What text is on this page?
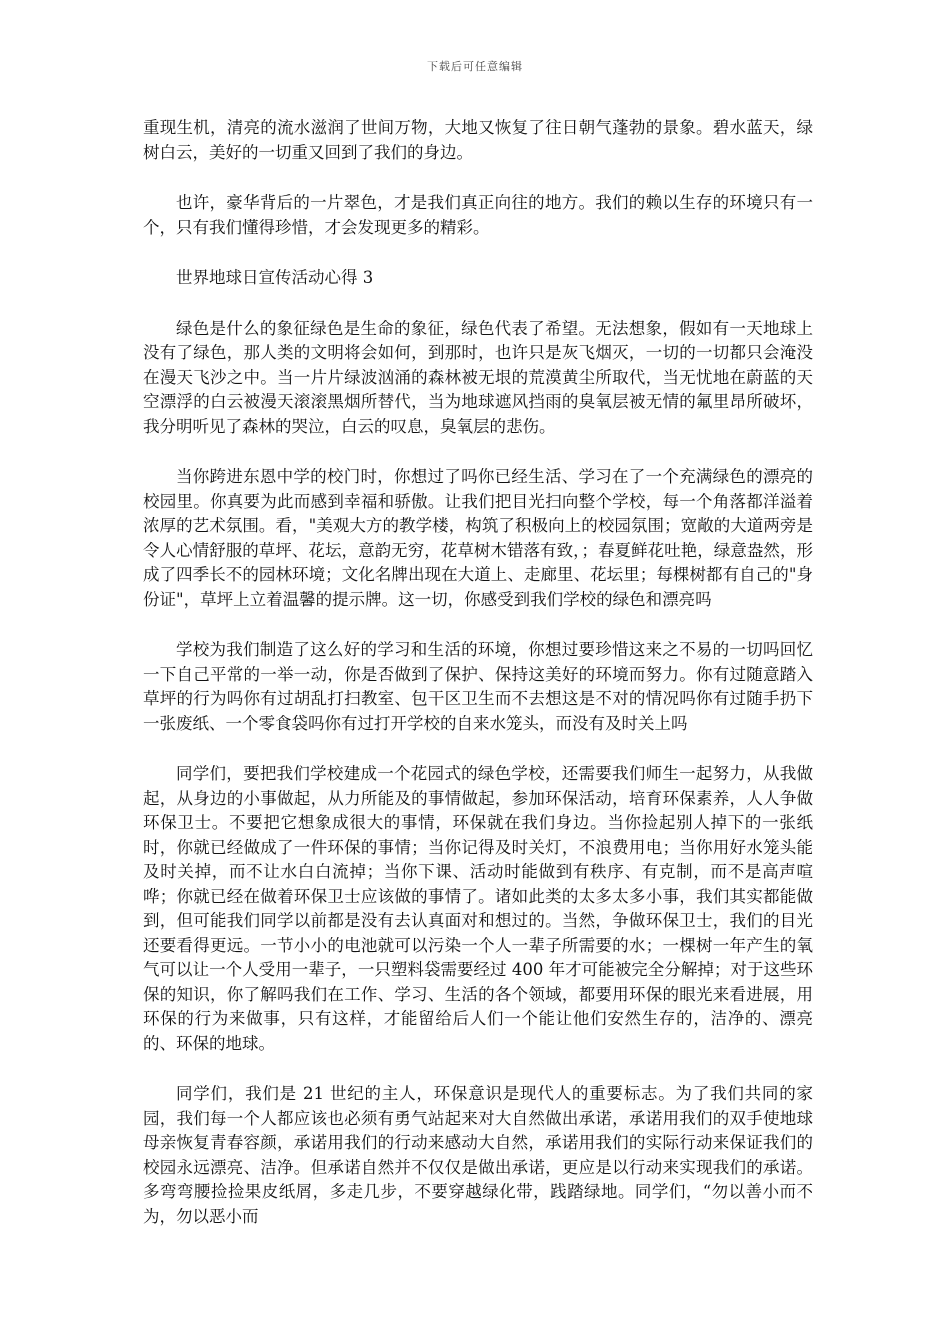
下载后可任意编辑

重现生机，清亮的流水滋润了世间万物，大地又恢复了往日朝气蓬勃的景象。碧水蓝天，绿树白云，美好的一切重又回到了我们的身边。

也许，豪华背后的一片翠色，才是我们真正向往的地方。我们的赖以生存的环境只有一个，只有我们懂得珍惜，才会发现更多的精彩。

世界地球日宣传活动心得 3

绿色是什么的象征绿色是生命的象征，绿色代表了希望。无法想象，假如有一天地球上没有了绿色，那人类的文明将会如何，到那时，也许只是灰飞烟灭，一切的一切都只会淹没在漫天飞沙之中。当一片片绿波汹涌的森林被无垠的荒漠黄尘所取代，当无忧地在蔚蓝的天空漂浮的白云被漫天滚滚黑烟所替代，当为地球遮风挡雨的臭氧层被无情的氟里昂所破坏，我分明听见了森林的哭泣，白云的叹息，臭氧层的悲伤。

当你跨进东恩中学的校门时，你想过了吗你已经生活、学习在了一个充满绿色的漂亮的校园里。你真要为此而感到幸福和骄傲。让我们把目光扫向整个学校，每一个角落都洋溢着浓厚的艺术氛围。看，"美观大方的教学楼，构筑了积极向上的校园氛围；宽敞的大道两旁是令人心情舒服的草坪、花坛，意韵无穷，花草树木错落有致，；春夏鲜花吐艳，绿意盎然，形成了四季长不的园林环境；文化名牌出现在大道上、走廊里、花坛里；每棵树都有自己的"身份证"，草坪上立着温馨的提示牌。这一切，你感受到我们学校的绿色和漂亮吗

学校为我们制造了这么好的学习和生活的环境，你想过要珍惜这来之不易的一切吗回忆一下自己平常的一举一动，你是否做到了保护、保持这美好的环境而努力。你有过随意踏入草坪的行为吗你有过胡乱打扫教室、包干区卫生而不去想这是不对的情况吗你有过随手扔下一张废纸、一个零食袋吗你有过打开学校的自来水笼头，而没有及时关上吗

同学们，要把我们学校建成一个花园式的绿色学校，还需要我们师生一起努力，从我做起，从身边的小事做起，从力所能及的事情做起，参加环保活动，培育环保素养，人人争做环保卫士。不要把它想象成很大的事情，环保就在我们身边。当你捡起别人掉下的一张纸时，你就已经做成了一件环保的事情；当你记得及时关灯，不浪费用电；当你用好水笼头能及时关掉，而不让水白白流掉；当你下课、活动时能做到有秩序、有克制，而不是高声喧哗；你就已经在做着环保卫士应该做的事情了。诸如此类的太多太多小事，我们其实都能做到，但可能我们同学以前都是没有去认真面对和想过的。当然，争做环保卫士，我们的目光还要看得更远。一节小小的电池就可以污染一个人一辈子所需要的水；一棵树一年产生的氧气可以让一个人受用一辈子，一只塑料袋需要经过 400 年才可能被完全分解掉；对于这些环保的知识，你了解吗我们在工作、学习、生活的各个领域，都要用环保的眼光来看进展，用环保的行为来做事，只有这样，才能留给后人们一个能让他们安然生存的，洁净的、漂亮的、环保的地球。

同学们，我们是 21 世纪的主人，环保意识是现代人的重要标志。为了我们共同的家园，我们每一个人都应该也必须有勇气站起来对大自然做出承诺，承诺用我们的双手使地球母亲恢复青春容颜，承诺用我们的行动来感动大自然，承诺用我们的实际行动来保证我们的校园永远漂亮、洁净。但承诺自然并不仅仅是做出承诺，更应是以行动来实现我们的承诺。多弯弯腰捡捡果皮纸屑，多走几步，不要穿越绿化带，践踏绿地。同学们，“勿以善小而不为，勿以恶小而
